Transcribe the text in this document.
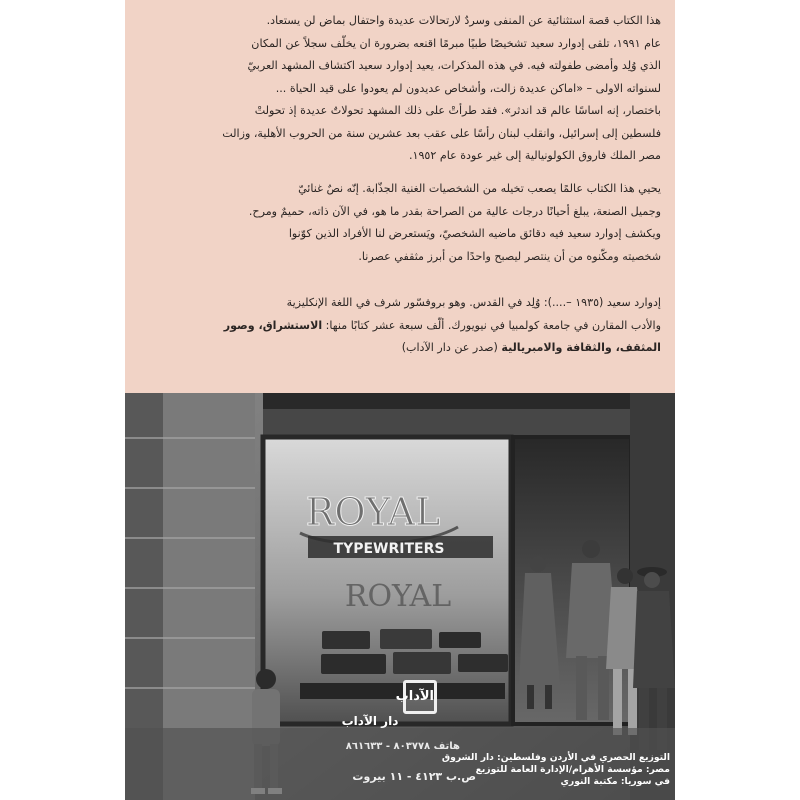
هذا الكتاب قصة استثنائية عن المنفى وسردٌ لارتحالات عديدة واحتفال بماض لن يستعاد.
عام ١٩٩١، تلقى إدوارد سعيد تشخيصًا طبيًا مبرمًا اقنعه بضرورة ان يخلّف سجلاً عن المكان
الذي وُلِد وأمضى طفولته فيه. في هذه المذكرات، يعيد إدوارد سعيد اكتشاف المشهد العربيّ
لسنواته الاولى – «اماكن عديدة زالت، وأشخاص عديدون لم يعودوا على قيد الحياة ...
باختصار، إنه اساسًا عالم قد اندثر». فقد طرأتْ على ذلك المشهد تحولاتٌ عديدة إذ تحولتْ
فلسطين إلى إسرائيل، وانقلب لبنان رأسًا على عقب بعد عشرين سنة من الحروب الأهلية، وزالت
مصر الملك فاروق الكولونيالية إلى غير عودة عام ١٩٥٢.
يحيي هذا الكتاب عالمًا يصعب تخيله من الشخصيات الغنية الجذّابة. إنّه نصٌ غنائيّ
وجميل الصنعة، يبلغ أحيانًا درجات عالية من الصراحة بقدر ما هو، في الآن ذاته، حميمٌ ومرح.
ويكشف إدوارد سعيد فيه دقائق ماضيه الشخصيّ، ويَستعرض لنا الأفراد الذين كوّنوا
شخصيته ومكّنوه من أن ينتصر ليصبح واحدًا من أبرز مثقفي عصرنا.
إدوارد سعيد (١٩٣٥ –....): وُلِد في القدس. وهو بروفسّور شرف في اللغة الإنكليزية
والأدب المقارن في جامعة كولمبيا في نيويورك. ألّف سبعة عشر كتابًا منها: الاستشراق، وصور
المثقف، والثقافة والامبريالية (صدر عن دار الآداب)
ROYAL
TYPEWRITERS
ROYAL
الآداب
دار الآداب
هاتف ٨٠٣٧٧٨ - ٨٦١٦٣٣
ص.ب ٤١٢٣ - ١١ بيروت
التوزيع الحصري في الأردن وفلسطين: دار الشروق
مصر: مؤسسة الأهرام/الإدارة العامة للتوزيع
في سوريا: مكتبة النوري
